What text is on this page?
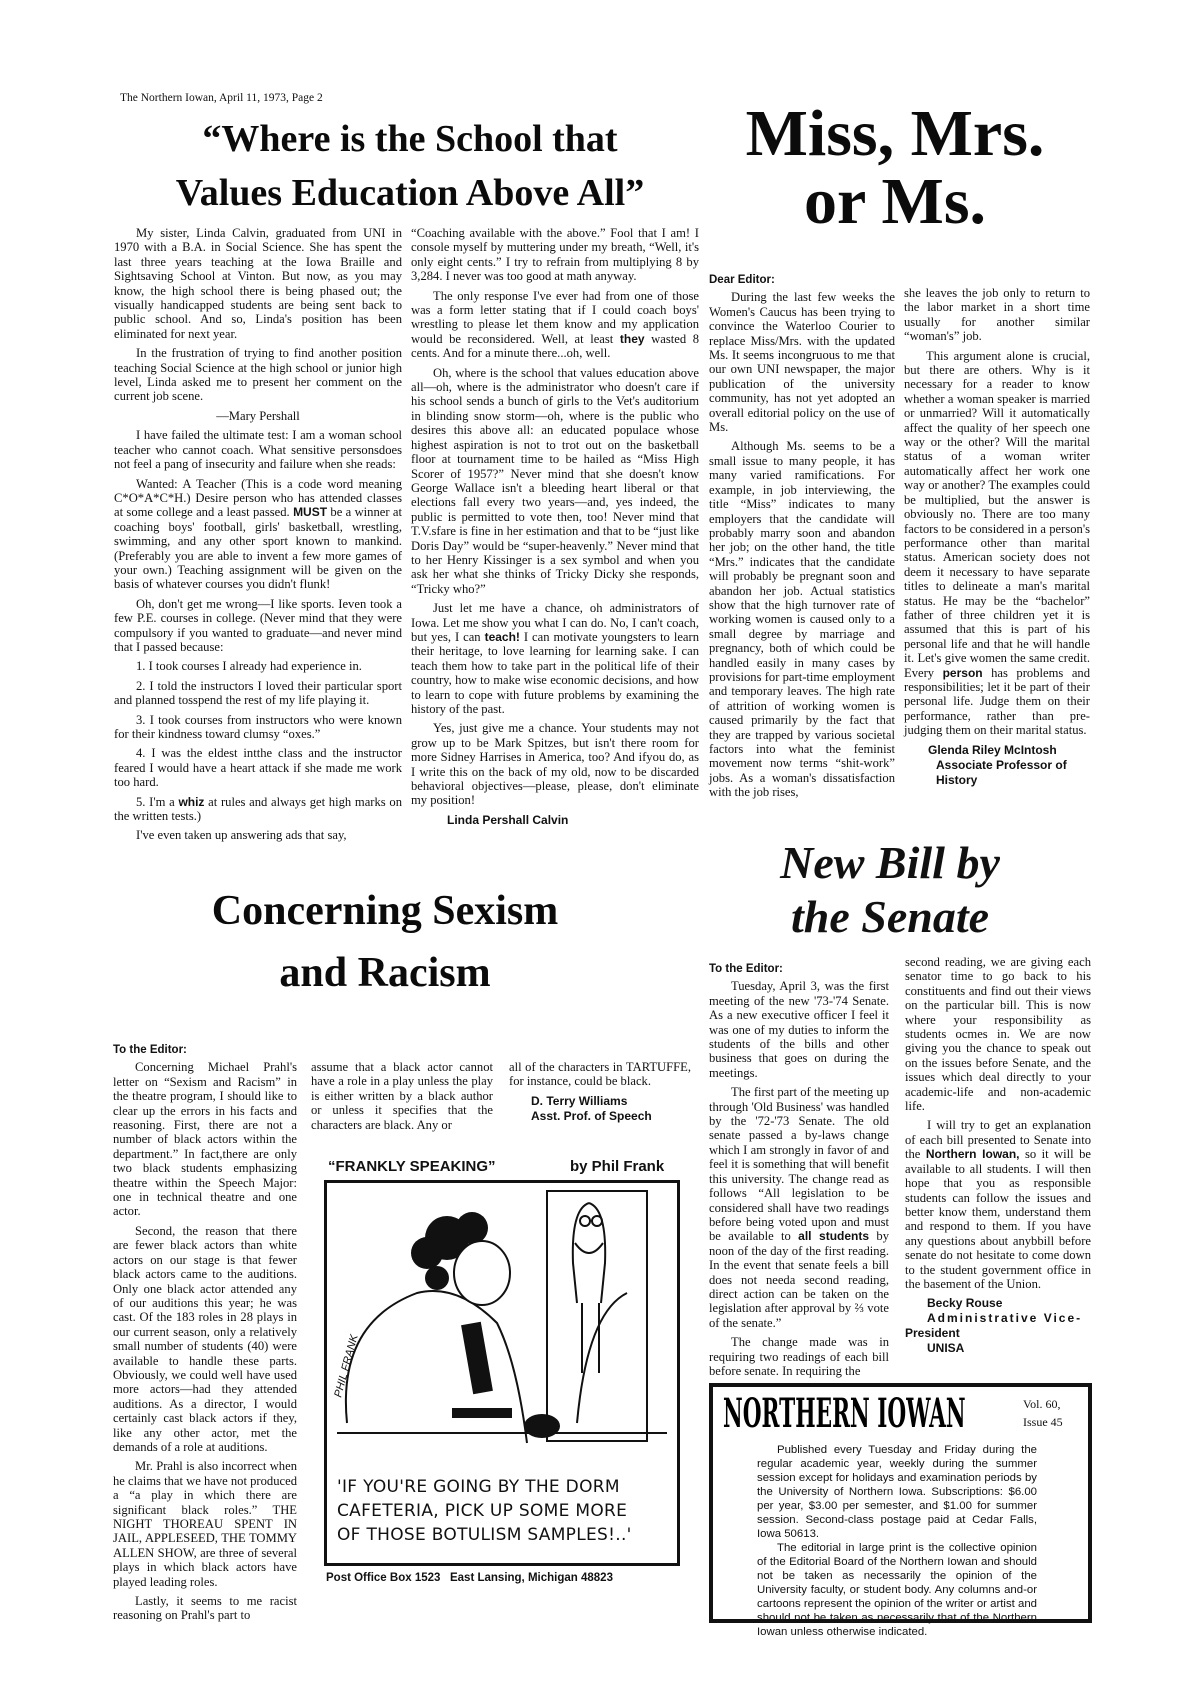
The Northern Iowan, April 11, 1973, Page 2
“Where is the School that
Values Education Above All”

My sister, Linda Calvin, graduated from UNI in 1970 with a B.A. in Social Science. She has spent the last three years teaching at the Iowa Braille and Sightsaving School at Vinton. But now, as you may know, the high school there is being phased out; the visually handicapped students are being sent back to public school. And so, Linda's position has been eliminated for next year.

In the frustration of trying to find another position teaching Social Science at the high school or junior high level, Linda asked me to present her comment on the current job scene.

—Mary Pershall

I have failed the ultimate test: I am a woman school teacher who cannot coach. What sensitive personsdoes not feel a pang of insecurity and failure when she reads:

Wanted: A Teacher (This is a code word meaning C*O*A*C*H.) Desire person who has attended classes at some college and a least passed. MUST be a winner at coaching boys' football, girls' basketball, wrestling, swimming, and any other sport known to mankind. (Preferably you are able to invent a few more games of your own.) Teaching assignment will be given on the basis of whatever courses you didn't flunk!

Oh, don't get me wrong—I like sports. Ieven took a few P.E. courses in college. (Never mind that they were compulsory if you wanted to graduate—and never mind that I passed because:

1. I took courses I already had experience in.

2. I told the instructors I loved their particular sport and planned tosspend the rest of my life playing it.

3. I took courses from instructors who were known for their kindness toward clumsy “oxes.”

4. I was the eldest intthe class and the instructor feared I would have a heart attack if she made me work too hard.

5. I'm a whiz at rules and always get high marks on the written tests.)

I've even taken up answering ads that say,

“Coaching available with the above.” Fool that I am! I console myself by muttering under my breath, “Well, it's only eight cents.” I try to refrain from multiplying 8 by 3,284. I never was too good at math anyway.

The only response I've ever had from one of those was a form letter stating that if I could coach boys' wrestling to please let them know and my application would be reconsidered. Well, at least they wasted 8 cents. And for a minute there...oh, well.

Oh, where is the school that values education above all—oh, where is the administrator who doesn't care if his school sends a bunch of girls to the Vet's auditorium in blinding snow storm—oh, where is the public who desires this above all: an educated populace whose highest aspiration is not to trot out on the basketball floor at tournament time to be hailed as “Miss High Scorer of 1957?” Never mind that she doesn't know George Wallace isn't a bleeding heart liberal or that elections fall every two years—and, yes indeed, the public is permitted to vote then, too! Never mind that T.V.sfare is fine in her estimation and that to be “just like Doris Day” would be “super-heavenly.” Never mind that to her Henry Kissinger is a sex symbol and when you ask her what she thinks of Tricky Dicky she responds, “Tricky who?”

Just let me have a chance, oh administrators of Iowa. Let me show you what I can do. No, I can't coach, but yes, I can teach! I can motivate youngsters to learn their heritage, to love learning for learning sake. I can teach them how to take part in the political life of their country, how to make wise economic decisions, and how to learn to cope with future problems by examining the history of the past.

Yes, just give me a chance. Your students may not grow up to be Mark Spitzes, but isn't there room for more Sidney Harrises in America, too? And ifyou do, as I write this on the back of my old, now to be discarded behavioral objectives—please, please, don't eliminate my position!

Linda Pershall Calvin
Miss, Mrs.
or Ms.
Dear Editor:

During the last few weeks the Women's Caucus has been trying to convince the Waterloo Courier to replace Miss/Mrs. with the updated Ms. It seems incongruous to me that our own UNI newspaper, the major publication of the university community, has not yet adopted an overall editorial policy on the use of Ms.

Although Ms. seems to be a small issue to many people, it has many varied ramifications. For example, in job interviewing, the title “Miss” indicates to many employers that the candidate will probably marry soon and abandon her job; on the other hand, the title “Mrs.” indicates that the candidate will probably be pregnant soon and abandon her job. Actual statistics show that the high turnover rate of working women is caused only to a small degree by marriage and pregnancy, both of which could be handled easily in many cases by provisions for part-time employment and temporary leaves. The high rate of attrition of working women is caused primarily by the fact that they are trapped by various societal factors into what the feminist movement now terms “shit-work” jobs. As a woman's dissatisfaction with the job rises,

she leaves the job only to return to the labor market in a short time usually for another similar “woman's” job.

This argument alone is crucial, but there are others. Why is it necessary for a reader to know whether a woman speaker is married or unmarried? Will it automatically affect the quality of her speech one way or the other? Will the marital status of a woman writer automatically affect her work one way or another? The examples could be multiplied, but the answer is obviously no. There are too many factors to be considered in a person's performance other than marital status. American society does not deem it necessary to have separate titles to delineate a man's marital status. He may be the “bachelor” father of three children yet it is assumed that this is part of his personal life and that he will handle it. Let's give women the same credit. Every person has problems and responsibilities; let it be part of their personal life. Judge them on their performance, rather than pre-judging them on their marital status.

Glenda Riley McIntosh
Associate Professor of
History
New Bill by
the Senate
To the Editor:

Tuesday, April 3, was the first meeting of the new '73-'74 Senate. As a new executive officer I feel it was one of my duties to inform the students of the bills and other business that goes on during the meetings.

The first part of the meeting up through 'Old Business' was handled by the '72-'73 Senate. The old senate passed a by-laws change which I am strongly in favor of and feel it is something that will benefit this university. The change read as follows “All legislation to be considered shall have two readings before being voted upon and must be available to all students by noon of the day of the first reading. In the event that senate feels a bill does not needa second reading, direct action can be taken on the legislation after approval by ⅔ vote of the senate.”

The change made was in requiring two readings of each bill before senate. In requiring the

second reading, we are giving each senator time to go back to his constituents and find out their views on the particular bill. This is now where your responsibility as students ocmes in. We are now giving you the chance to speak out on the issues before Senate, and the issues which deal directly to your academic-life and non-academic life.

I will try to get an explanation of each bill presented to Senate into the Northern Iowan, so it will be available to all students. I will then hope that you as responsible students can follow the issues and better know them, understand them and respond to them. If you have any questions about anybbill before senate do not hesitate to come down to the student government office in the basement of the Union.

Becky Rouse
Administrative Vice-
President
UNISA
Concerning Sexism
and Racism
To the Editor:

Concerning Michael Prahl's letter on “Sexism and Racism” in the theatre program, I should like to clear up the errors in his facts and reasoning. First, there are not a number of black actors within the department.” In fact,there are only two black students emphasizing theatre within the Speech Major: one in technical theatre and one actor.

Second, the reason that there are fewer black actors than white actors on our stage is that fewer black actors came to the auditions. Only one black actor attended any of our auditions this year; he was cast. Of the 183 roles in 28 plays in our current season, only a relatively small number of students (40) were available to handle these parts. Obviously, we could well have used more actors—had they attended auditions. As a director, I would certainly cast black actors if they, like any other actor, met the demands of a role at auditions.

Mr. Prahl is also incorrect when he claims that we have not produced a “a play in which there are significant black roles.” THE NIGHT THOREAU SPENT IN JAIL, APPLESEED, THE TOMMY ALLEN SHOW, are three of several plays in which black actors have played leading roles.

Lastly, it seems to me racist reasoning on Prahl's part to

assume that a black actor cannot have a role in a play unless the play is either written by a black author or unless it specifies that the characters are black. Any or

all of the characters in TARTUFFE, for instance, could be black.

D. Terry Williams
Asst. Prof. of Speech
“FRANKLY SPEAKING”	by Phil Frank
PHIL FRANK
'IF YOU'RE GOING BY THE DORM
CAFETERIA, PICK UP SOME MORE
OF THOSE BOTULISM SAMPLES!..'
Post Office Box 1523   East Lansing, Michigan 48823
NORTHERN IOWAN	Vol. 60,
Issue 45

Published every Tuesday and Friday during the regular academic year, weekly during the summer session except for holidays and examination periods by the University of Northern Iowa. Subscriptions: $6.00 per year, $3.00 per semester, and $1.00 for summer session. Second-class postage paid at Cedar Falls, Iowa 50613.

The editorial in large print is the collective opinion of the Editorial Board of the Northern Iowan and should not be taken as necessarily the opinion of the University faculty, or student body. Any columns and-or cartoons represent the opinion of the writer or artist and should not be taken as necessarily that of the Northern Iowan unless otherwise indicated.
